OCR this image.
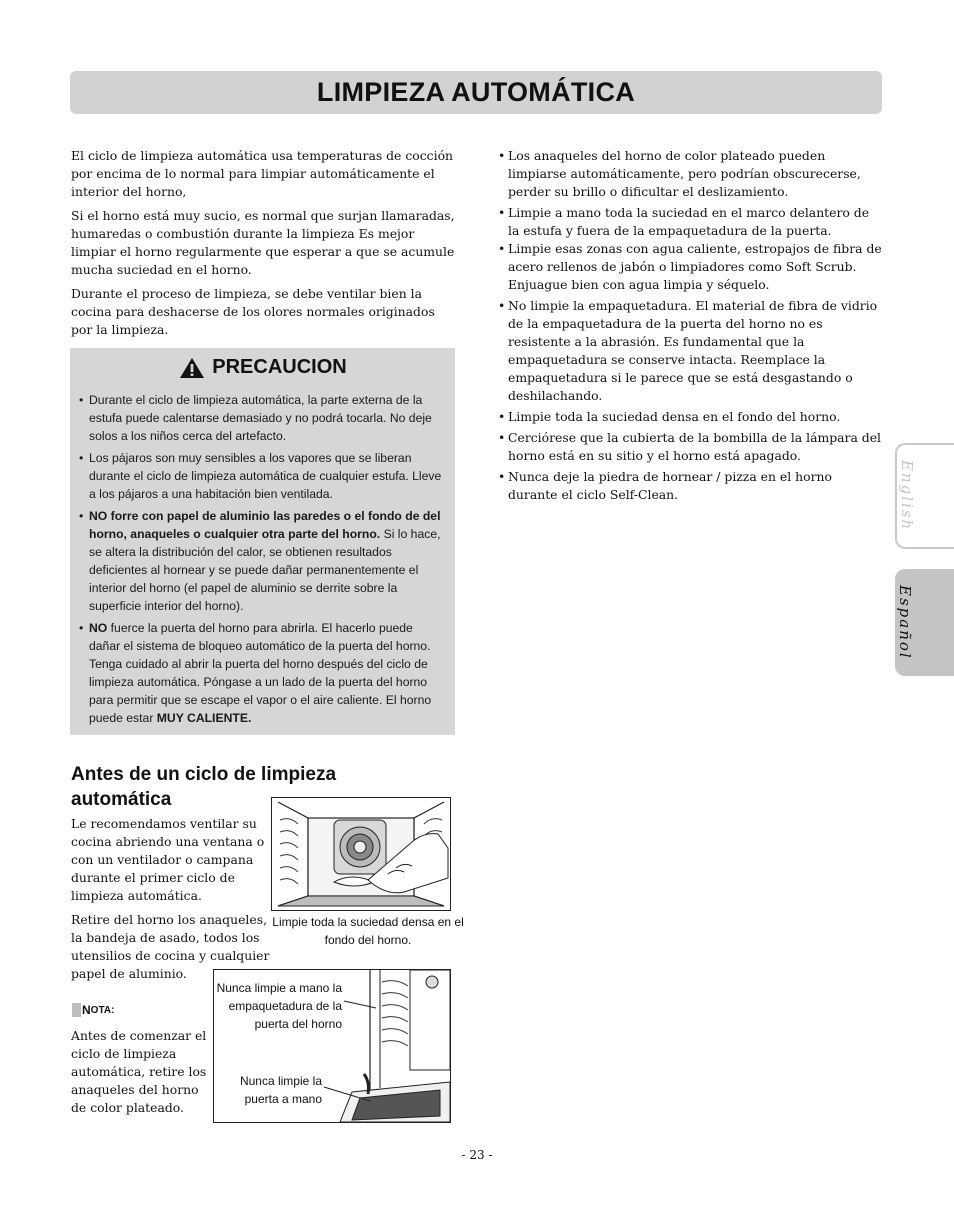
LIMPIEZA AUTOMÁTICA

El ciclo de limpieza automática usa temperaturas de cocción por encima de lo normal para limpiar automáticamente el interior del horno,

Si el horno está muy sucio, es normal que surjan llamaradas, humaredas o combustión durante la limpieza Es mejor limpiar el horno regularmente que esperar a que se acumule mucha suciedad en el horno.

Durante el proceso de limpieza, se debe ventilar bien la cocina para deshacerse de los olores normales originados por la limpieza.

PRECAUCION
• Durante el ciclo de limpieza automática, la parte externa de la estufa puede calentarse demasiado y no podrá tocarla. No deje solos a los niños cerca del artefacto.
• Los pájaros son muy sensibles a los vapores que se liberan durante el ciclo de limpieza automática de cualquier estufa. Lleve a los pájaros a una habitación bien ventilada.
• NO forre con papel de aluminio las paredes o el fondo de del horno, anaqueles o cualquier otra parte del horno. Si lo hace, se altera la distribución del calor, se obtienen resultados deficientes al hornear y se puede dañar permanentemente el interior del horno (el papel de aluminio se derrite sobre la superficie interior del horno).
• NO fuerce la puerta del horno para abrirla. El hacerlo puede dañar el sistema de bloqueo automático de la puerta del horno. Tenga cuidado al abrir la puerta del horno después del ciclo de limpieza automática. Póngase a un lado de la puerta del horno para permitir que se escape el vapor o el aire caliente. El horno puede estar MUY CALIENTE.
Antes de un ciclo de limpieza automática

Le recomendamos ventilar su cocina abriendo una ventana o con un ventilador o campana durante el primer ciclo de limpieza automática.

Retire del horno los anaqueles, la bandeja de asado, todos los utensilios de cocina y cualquier papel de aluminio.

N OTA:
Antes de comenzar el ciclo de limpieza automática, retire los anaqueles del horno de color plateado.
Limpie toda la suciedad densa en el fondo del horno.
Nunca limpie a mano la empaquetadura de la puerta del horno
Nunca limpie la puerta a mano
• Los anaqueles del horno de color plateado pueden limpiarse automáticamente, pero podrían obscurecerse, perder su brillo o dificultar el deslizamiento.
• Limpie a mano toda la suciedad en el marco delantero de la estufa y fuera de la empaquetadura de la puerta.
• Limpie esas zonas con agua caliente, estropajos de fibra de acero rellenos de jabón o limpiadores como Soft Scrub. Enjuague bien con agua limpia y séquelo.
• No limpie la empaquetadura. El material de fibra de vidrio de la empaquetadura de la puerta del horno no es resistente a la abrasión. Es fundamental que la empaquetadura se conserve intacta. Reemplace la empaquetadura si le parece que se está desgastando o deshilachando.
• Limpie toda la suciedad densa en el fondo del horno.
• Cerciórese que la cubierta de la bombilla de la lámpara del horno está en su sitio y el horno está apagado.
• Nunca deje la piedra de hornear / pizza en el horno durante el ciclo Self-Clean.	English
Español
- 23 -
